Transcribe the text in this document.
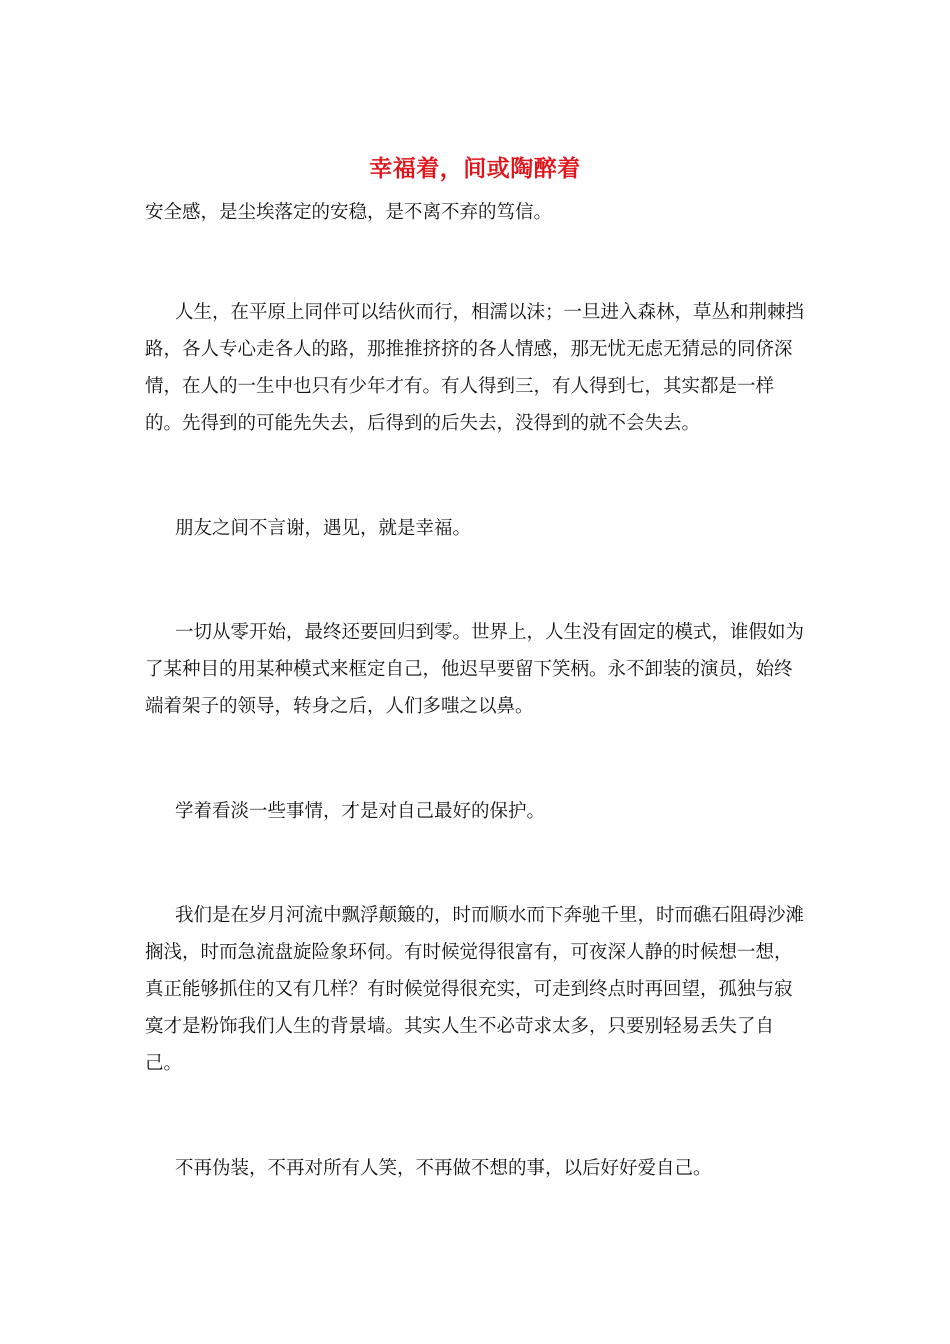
幸福着，间或陶醉着

安全感，是尘埃落定的安稳，是不离不弃的笃信。

人生，在平原上同伴可以结伙而行，相濡以沫；一旦进入森林，草丛和荆棘挡路，各人专心走各人的路，那推推挤挤的各人情感，那无忧无虑无猜忌的同侪深情，在人的一生中也只有少年才有。有人得到三，有人得到七，其实都是一样的。先得到的可能先失去，后得到的后失去，没得到的就不会失去。

朋友之间不言谢，遇见，就是幸福。

一切从零开始，最终还要回归到零。世界上，人生没有固定的模式，谁假如为了某种目的用某种模式来框定自己，他迟早要留下笑柄。永不卸装的演员，始终端着架子的领导，转身之后，人们多嗤之以鼻。

学着看淡一些事情，才是对自己最好的保护。

我们是在岁月河流中飘浮颠簸的，时而顺水而下奔驰千里，时而礁石阻碍沙滩搁浅，时而急流盘旋险象环伺。有时候觉得很富有，可夜深人静的时候想一想，真正能够抓住的又有几样？有时候觉得很充实，可走到终点时再回望，孤独与寂寞才是粉饰我们人生的背景墙。其实人生不必苛求太多，只要别轻易丢失了自己。

不再伪装，不再对所有人笑，不再做不想的事，以后好好爱自己。
